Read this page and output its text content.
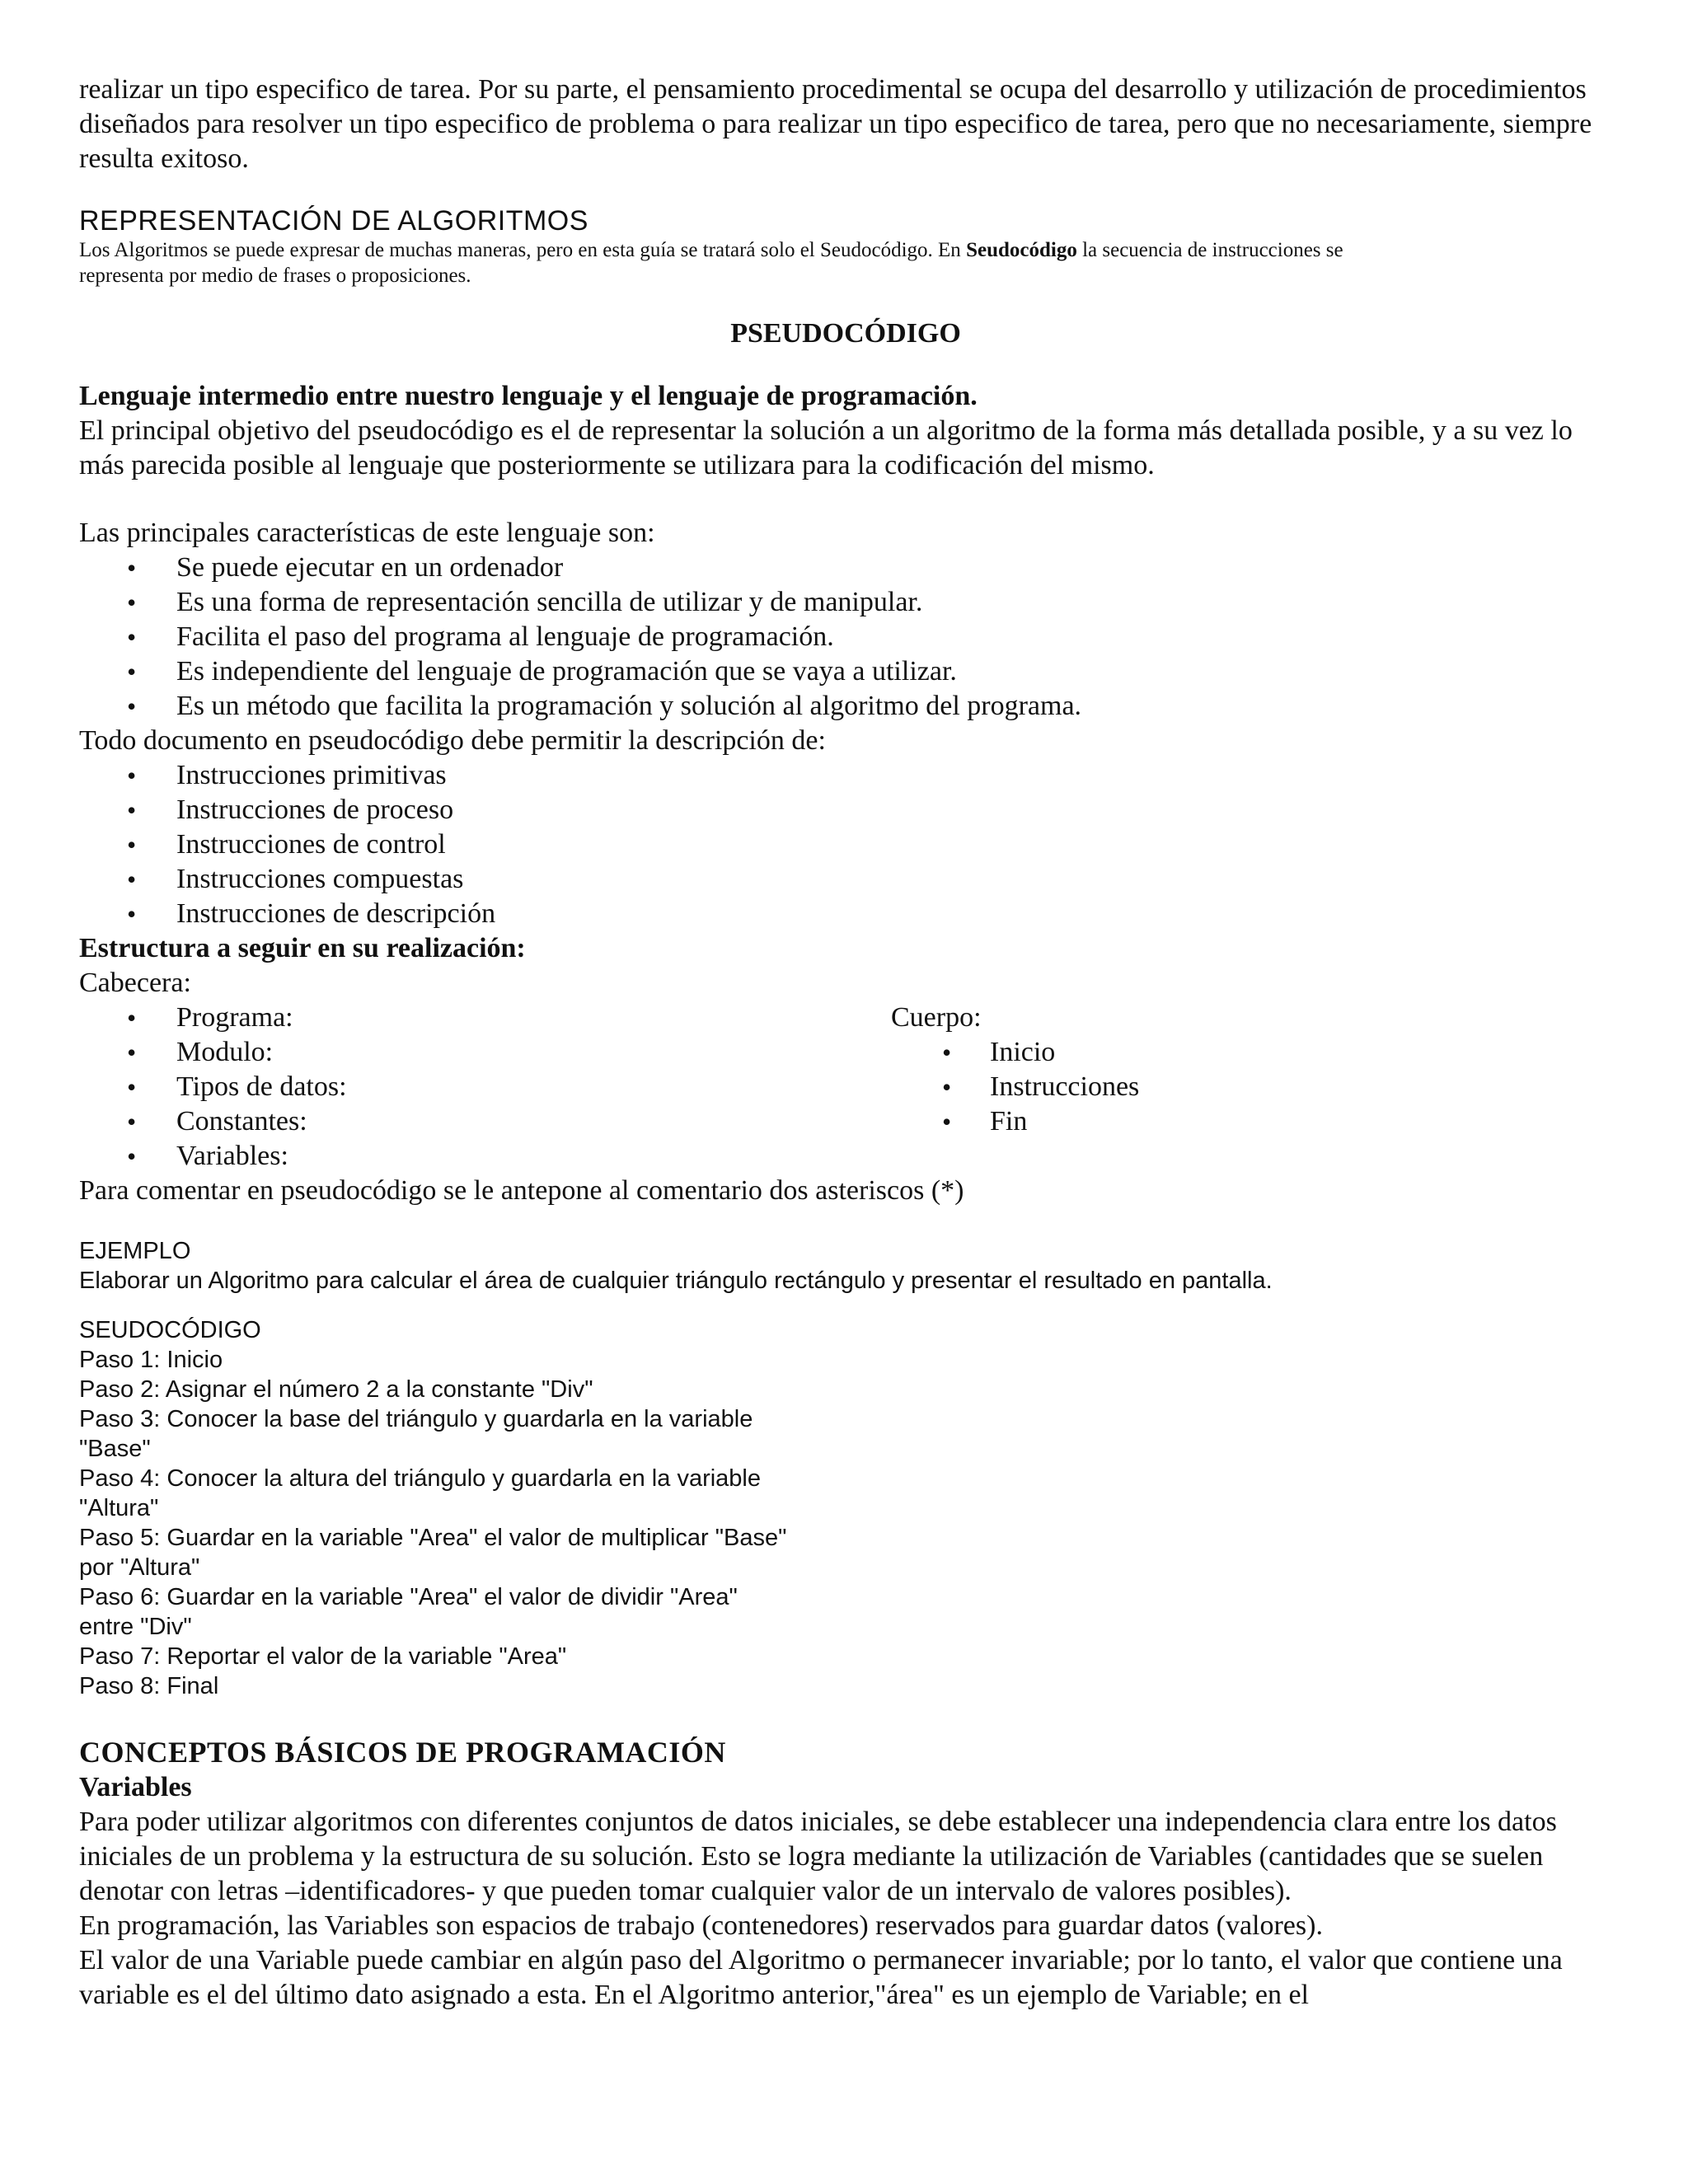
realizar un tipo especifico de tarea. Por su parte, el pensamiento procedimental se ocupa del desarrollo y utilización de procedimientos diseñados para resolver un tipo especifico de problema o para realizar un tipo especifico de tarea, pero que no necesariamente, siempre resulta exitoso.

REPRESENTACIÓN DE ALGORITMOS

Los Algoritmos se puede expresar de muchas maneras, pero en esta guía se tratará solo el Seudocódigo. En Seudocódigo la secuencia de instrucciones se representa por medio de frases o proposiciones.

PSEUDOCÓDIGO

Lenguaje intermedio entre nuestro lenguaje y el lenguaje de programación.

El principal objetivo del pseudocódigo es el de representar la solución a un algoritmo de la forma más detallada posible, y a su vez lo más parecida posible al lenguaje que posteriormente se utilizara para la codificación del mismo.

Las principales características de este lenguaje son:

• Se puede ejecutar en un ordenador
• Es una forma de representación sencilla de utilizar y de manipular.
• Facilita el paso del programa al lenguaje de programación.
• Es independiente del lenguaje de programación que se vaya a utilizar.
• Es un método que facilita la programación y solución al algoritmo del programa.

Todo documento en pseudocódigo debe permitir la descripción de:

• Instrucciones primitivas
• Instrucciones de proceso
• Instrucciones de control
• Instrucciones compuestas
• Instrucciones de descripción

Estructura a seguir en su realización:

Cabecera:

• Programa:
• Modulo:
• Tipos de datos:
• Constantes:
• Variables:

Cuerpo:

• Inicio
• Instrucciones
• Fin

Para comentar en pseudocódigo se le antepone al comentario dos asteriscos (*)

EJEMPLO

Elaborar un Algoritmo para calcular el área de cualquier triángulo rectángulo y presentar el resultado en pantalla.

SEUDOCÓDIGO

Paso 1: Inicio

Paso 2: Asignar el número 2 a la constante "Div"

Paso 3: Conocer la base del triángulo y guardarla en la variable

"Base"

Paso 4: Conocer la altura del triángulo y guardarla en la variable

"Altura"

Paso 5: Guardar en la variable "Area" el valor de multiplicar "Base"

por "Altura"

Paso 6: Guardar en la variable "Area" el valor de dividir "Area"

entre "Div"

Paso 7: Reportar el valor de la variable "Area"

Paso 8: Final

CONCEPTOS BÁSICOS DE PROGRAMACIÓN

Variables

Para poder utilizar algoritmos con diferentes conjuntos de datos iniciales, se debe establecer una independencia clara entre los datos iniciales de un problema y la estructura de su solución. Esto se logra mediante la utilización de Variables (cantidades que se suelen denotar con letras –identificadores- y que pueden tomar cualquier valor de un intervalo de valores posibles).

En programación, las Variables son espacios de trabajo (contenedores) reservados para guardar datos (valores).

El valor de una Variable puede cambiar en algún paso del Algoritmo o permanecer invariable; por lo tanto, el valor que contiene una variable es el del último dato asignado a esta. En el Algoritmo anterior,"área" es un ejemplo de Variable; en el
